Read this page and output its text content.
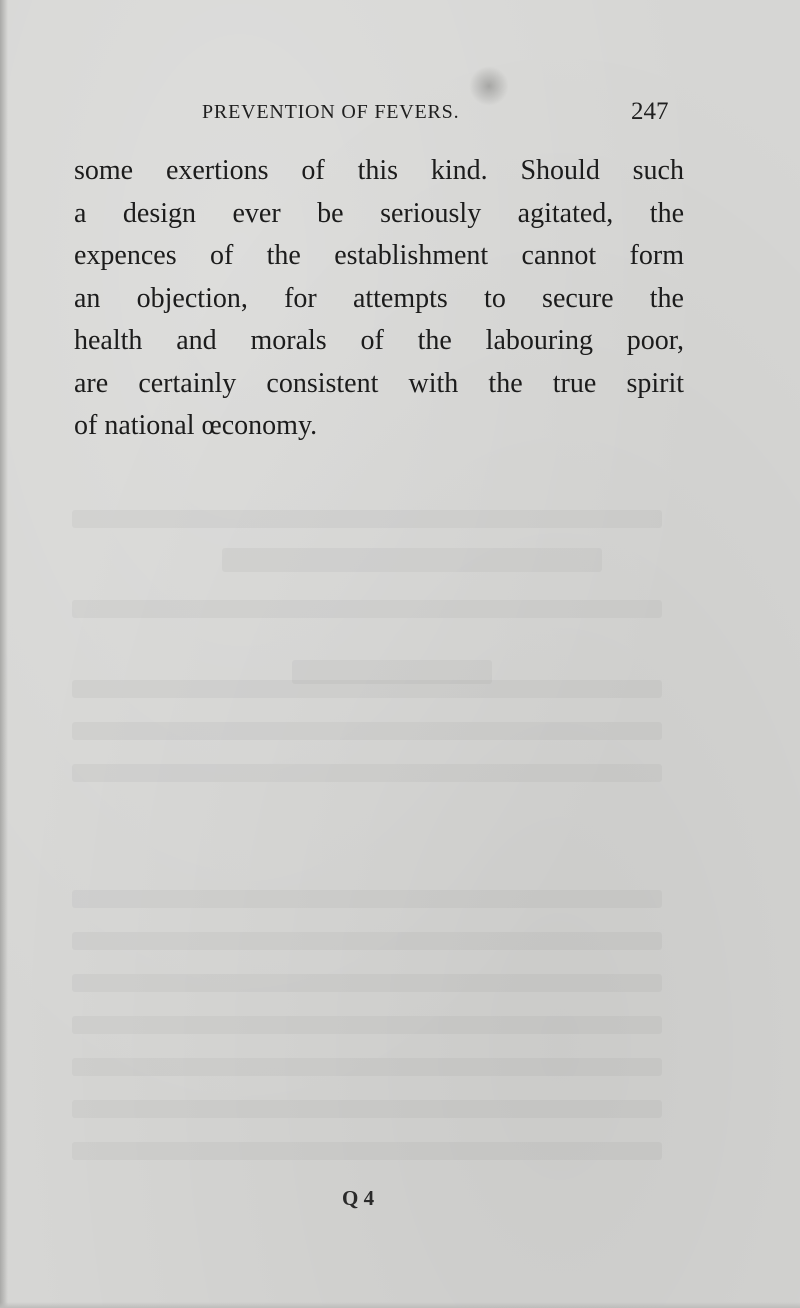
PREVENTION OF FEVERS.	247
some exertions of this kind. Should such
a design ever be seriously agitated, the
expences of the establishment cannot form
an objection, for attempts to secure the
health and morals of the labouring poor,
are certainly consistent with the true spirit
of national œconomy.
Q 4
